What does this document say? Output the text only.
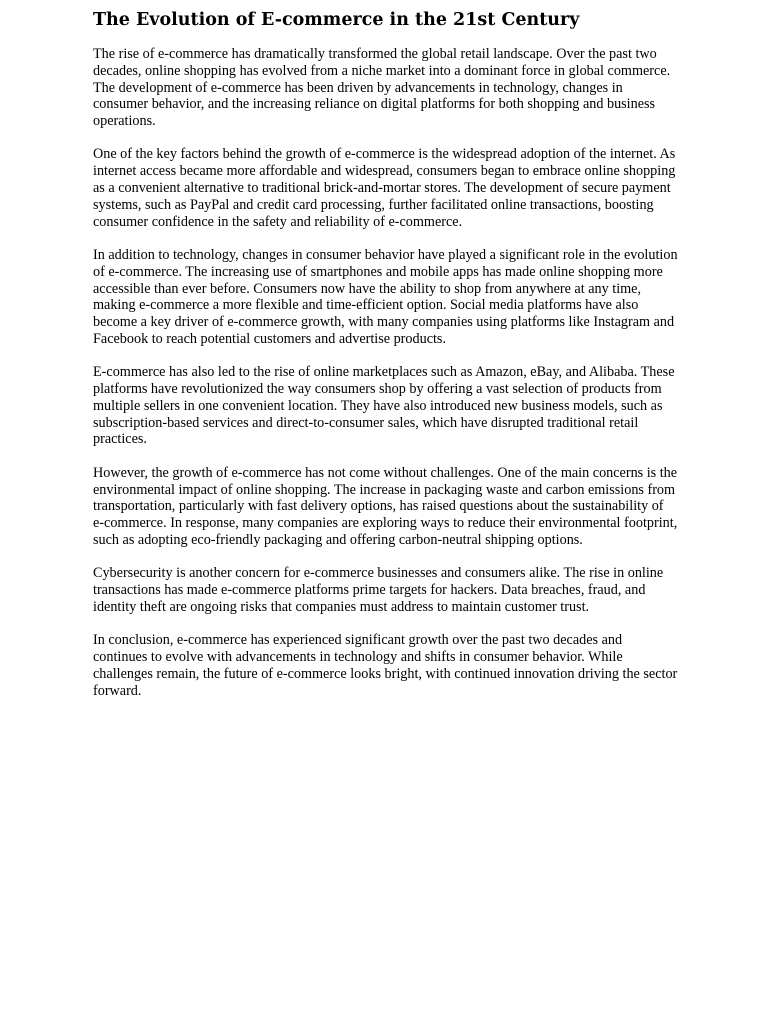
The Evolution of E-commerce in the 21st Century

The rise of e-commerce has dramatically transformed the global retail landscape. Over the past two decades, online shopping has evolved from a niche market into a dominant force in global commerce. The development of e-commerce has been driven by advancements in technology, changes in consumer behavior, and the increasing reliance on digital platforms for both shopping and business operations.

One of the key factors behind the growth of e-commerce is the widespread adoption of the internet. As internet access became more affordable and widespread, consumers began to embrace online shopping as a convenient alternative to traditional brick-and-mortar stores. The development of secure payment systems, such as PayPal and credit card processing, further facilitated online transactions, boosting consumer confidence in the safety and reliability of e-commerce.

In addition to technology, changes in consumer behavior have played a significant role in the evolution of e-commerce. The increasing use of smartphones and mobile apps has made online shopping more accessible than ever before. Consumers now have the ability to shop from anywhere at any time, making e-commerce a more flexible and time-efficient option. Social media platforms have also become a key driver of e-commerce growth, with many companies using platforms like Instagram and Facebook to reach potential customers and advertise products.

E-commerce has also led to the rise of online marketplaces such as Amazon, eBay, and Alibaba. These platforms have revolutionized the way consumers shop by offering a vast selection of products from multiple sellers in one convenient location. They have also introduced new business models, such as subscription-based services and direct-to-consumer sales, which have disrupted traditional retail practices.

However, the growth of e-commerce has not come without challenges. One of the main concerns is the environmental impact of online shopping. The increase in packaging waste and carbon emissions from transportation, particularly with fast delivery options, has raised questions about the sustainability of e-commerce. In response, many companies are exploring ways to reduce their environmental footprint, such as adopting eco-friendly packaging and offering carbon-neutral shipping options.

Cybersecurity is another concern for e-commerce businesses and consumers alike. The rise in online transactions has made e-commerce platforms prime targets for hackers. Data breaches, fraud, and identity theft are ongoing risks that companies must address to maintain customer trust.

In conclusion, e-commerce has experienced significant growth over the past two decades and continues to evolve with advancements in technology and shifts in consumer behavior. While challenges remain, the future of e-commerce looks bright, with continued innovation driving the sector forward.
